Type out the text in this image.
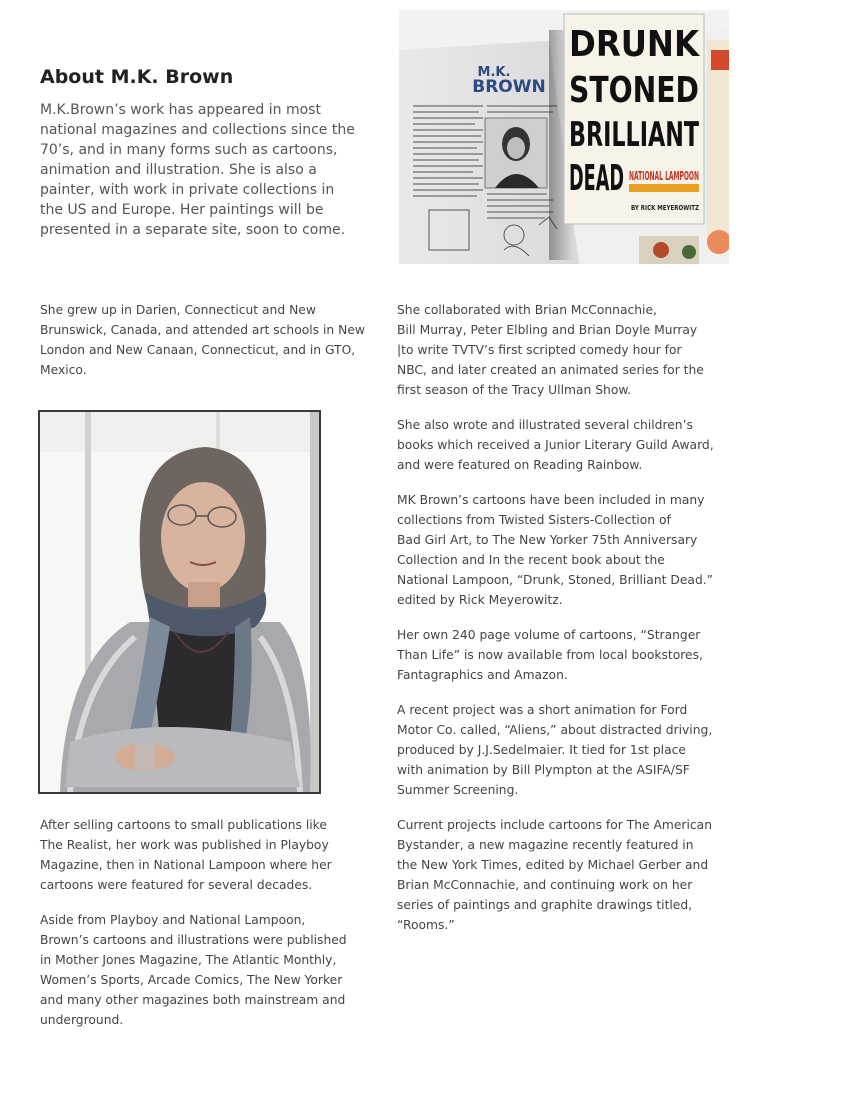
About M.K. Brown
M.K.Brown’s work has appeared in most
national magazines and collections since the
70’s, and in many forms such as cartoons,
animation and illustration. She is also a
painter, with work in private collections in
the US and Europe. Her paintings will be
presented in a separate site, soon to come.
M.K.
BROWN
DRUNK
STONED
BRILLIANT
DEAD NATIONAL LAMPOON
BY RICK MEYEROWITZ
She grew up in Darien, Connecticut and New
Brunswick, Canada, and attended art schools in New
London and New Canaan, Connecticut, and in GTO,
Mexico.
After selling cartoons to small publications like
The Realist, her work was published in Playboy
Magazine, then in National Lampoon where her
cartoons were featured for several decades.
Aside from Playboy and National Lampoon,
Brown’s cartoons and illustrations were published
in Mother Jones Magazine, The Atlantic Monthly,
Women’s Sports, Arcade Comics, The New Yorker
and many other magazines both mainstream and
underground.
She collaborated with Brian McConnachie,
Bill Murray, Peter Elbling and Brian Doyle Murray
|to write TVTV’s first scripted comedy hour for
NBC, and later created an animated series for the
first season of the Tracy Ullman Show.
She also wrote and illustrated several children’s
books which received a Junior Literary Guild Award,
and were featured on Reading Rainbow.
MK Brown’s cartoons have been included in many
collections from Twisted Sisters-Collection of
Bad Girl Art, to The New Yorker 75th Anniversary
Collection and In the recent book about the
National Lampoon, “Drunk, Stoned, Brilliant Dead.”
edited by Rick Meyerowitz.
Her own 240 page volume of cartoons, “Stranger
Than Life” is now available from local bookstores,
Fantagraphics and Amazon.
A recent project was a short animation for Ford
Motor Co. called, “Aliens,” about distracted driving,
produced by J.J.Sedelmaier. It tied for 1st place
with animation by Bill Plympton at the ASIFA/SF
Summer Screening.
Current projects include cartoons for The American
Bystander, a new magazine recently featured in
the New York Times, edited by Michael Gerber and
Brian McConnachie, and continuing work on her
series of paintings and graphite drawings titled,
“Rooms.”
